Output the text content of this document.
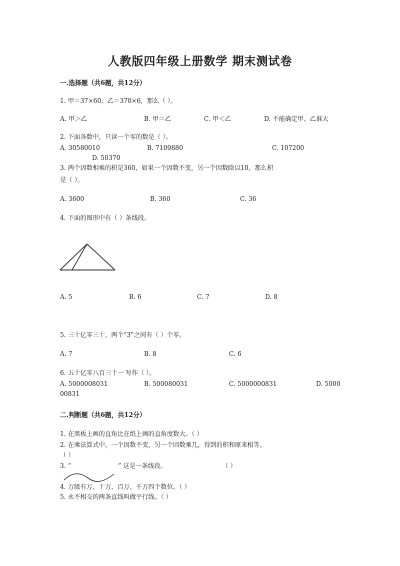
人教版四年级上册数学 期末测试卷
一.选择题（共6题，共12分）
1. 甲＝37×60，乙＝370×6，那么（ ）。
A. 甲＞乙	B. 甲＝乙	C. 甲＜乙	D. 不能确定甲、乙谁大
2. 下面各数中，只读一个零的数是（ ）。
A. 30580010	B. 7109880	C. 107200
D. 50370
3. 两个因数相乘的积是360，如果一个因数不变，另一个因数除以10，那么积
是（ ）。
A. 3600	B. 360	C. 36
4. 下面的图形中有（ ）条线段。
A. 5	B. 6	C. 7	D. 8
5. 三十亿零三十，两个“3”之间有（ ）个零。
A. 7	B. 8	C. 6
6. 五十亿零八百三十一 写作（ ）。
A. 5000008031	B. 500080031	C. 5000000831	D. 5000
00831
二.判断题（共6题，共12分）
1. 在黑板上画的直角比在纸上画的直角度数大。（ ）
2. 在乘法算式中，一个因数不变，另一个因数乘几，得到的积和原来相等。
（ ）
3. “	” 这是一条线段。	（ ）
4. 万级有万、十万、百万、千万四个数位。（ ）
5. 永不相交的两条直线叫做平行线。（ ）
